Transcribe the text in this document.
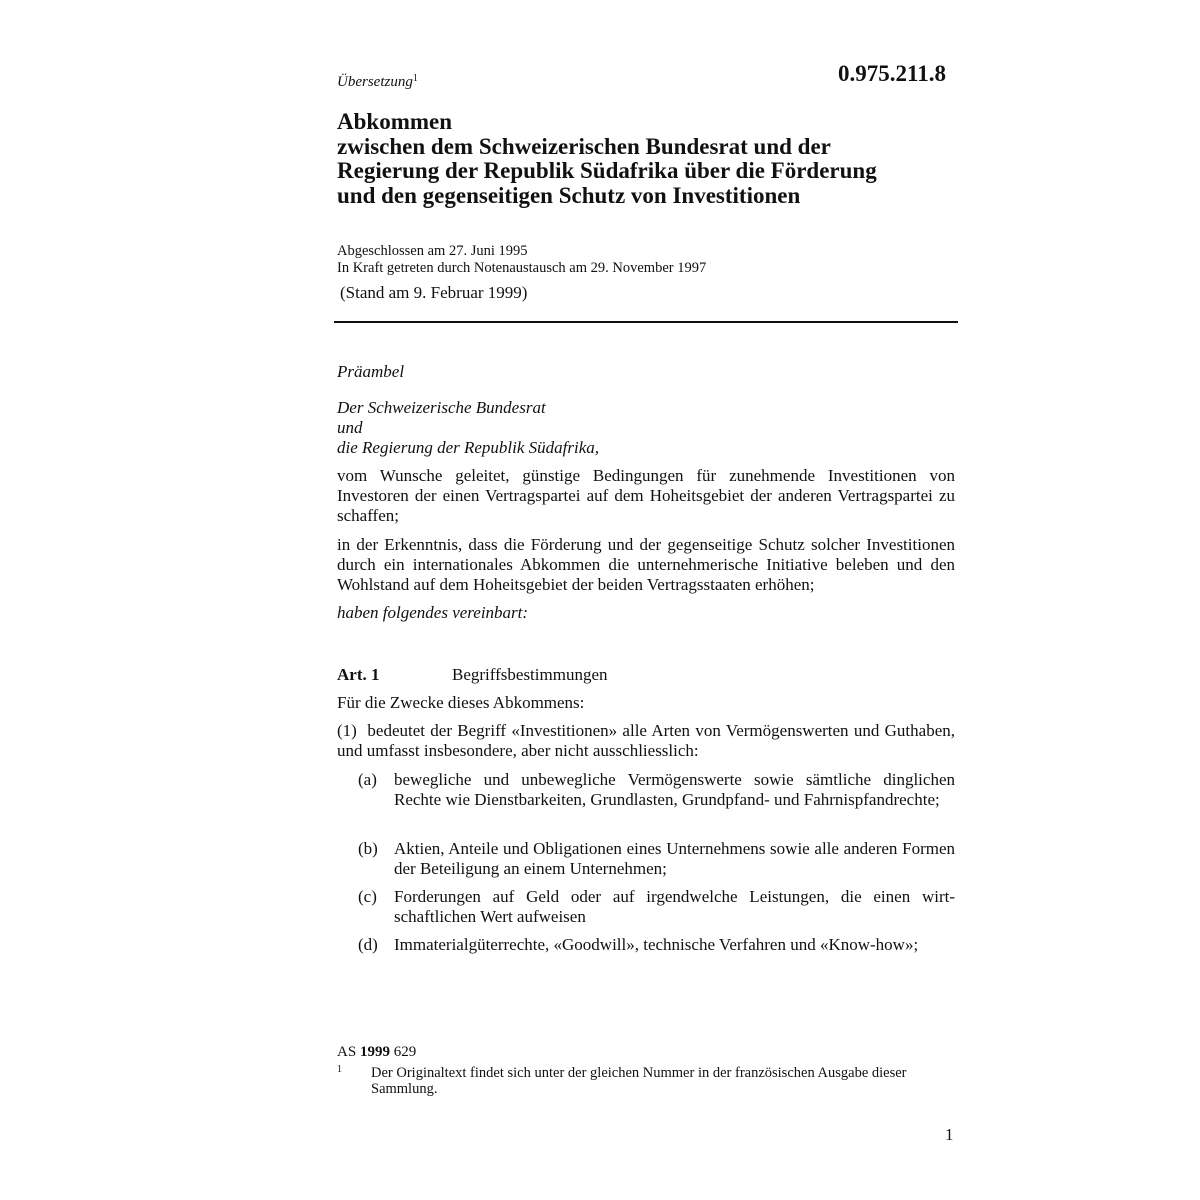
Übersetzung$^1$	0.975.211.8
Abkommen
zwischen dem Schweizerischen Bundesrat und der
Regierung der Republik Südafrika über die Förderung
und den gegenseitigen Schutz von Investitionen
Abgeschlossen am 27. Juni 1995
In Kraft getreten durch Notenaustausch am 29. November 1997
(Stand am 9. Februar 1999)
Präambel
Der Schweizerische Bundesrat
und
die Regierung der Republik Südafrika,
vom Wunsche geleitet, günstige Bedingungen für zunehmende Investitionen von Investoren der einen Vertragspartei auf dem Hoheitsgebiet der anderen Vertragspartei zu schaffen;
in der Erkenntnis, dass die Förderung und der gegenseitige Schutz solcher Investitionen durch ein internationales Abkommen die unternehmerische Initiative beleben und den Wohlstand auf dem Hoheitsgebiet der beiden Vertragsstaaten erhöhen;
haben folgendes vereinbart:
Art. 1	Begriffsbestimmungen
Für die Zwecke dieses Abkommens:
(1)  bedeutet der Begriff «Investitionen» alle Arten von Vermögenswerten und Guthaben, und umfasst insbesondere, aber nicht ausschliesslich:
(a) bewegliche und unbewegliche Vermögenswerte sowie sämtliche dinglichen Rechte wie Dienstbarkeiten, Grundlasten, Grundpfand- und Fahrnispfandrechte;
(b) Aktien, Anteile und Obligationen eines Unternehmens sowie alle anderen Formen der Beteiligung an einem Unternehmen;
(c) Forderungen auf Geld oder auf irgendwelche Leistungen, die einen wirtschaftlichen Wert aufweisen
(d) Immaterialgüterrechte, «Goodwill», technische Verfahren und «Know-how»;
AS 1999 629
1 Der Originaltext findet sich unter der gleichen Nummer in der französischen Ausgabe dieser Sammlung.
1
